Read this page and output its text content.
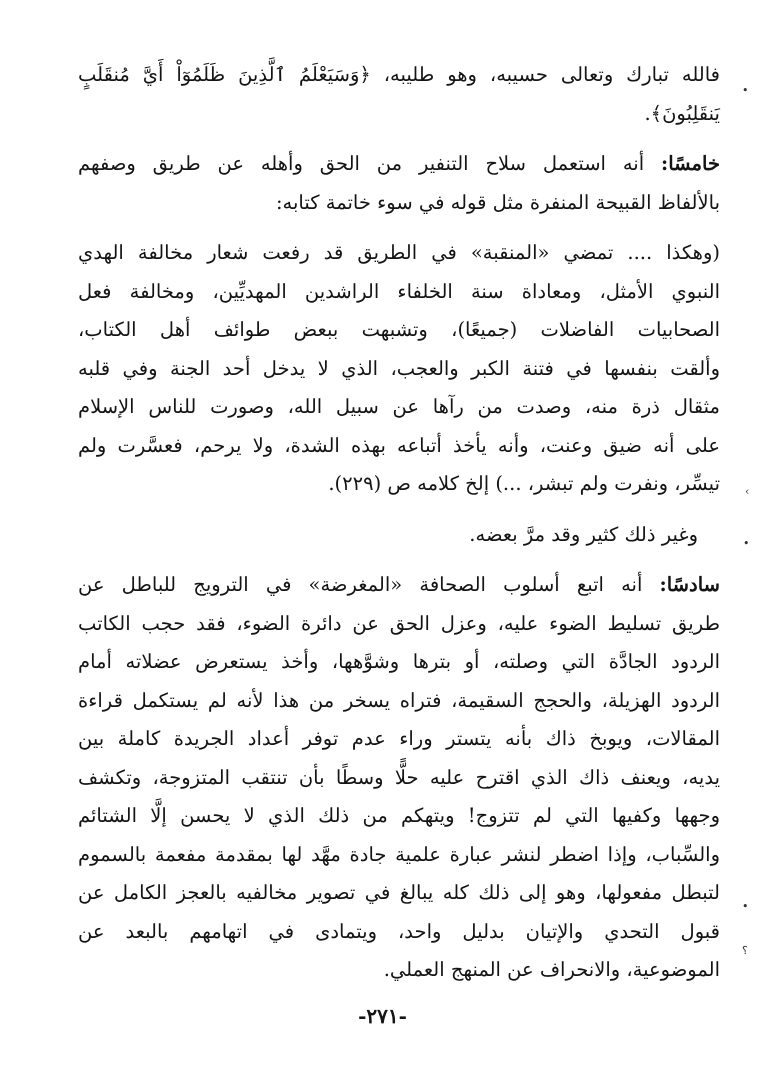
فالله تبارك وتعالى حسيبه، وهو طليبه، ﴿وَسَيَعْلَمُ ٱلَّذِينَ ظَلَمُوٓاْ أَيَّ مُنقَلَبٍ
يَنقَلِبُونَ﴾.
خامسًا: أنه استعمل سلاح التنفير من الحق وأهله عن طريق وصفهم
بالألفاظ القبيحة المنفرة مثل قوله في سوء خاتمة كتابه:
(وهكذا .... تمضي «المنقبة» في الطريق قد رفعت شعار مخالفة الهدي
النبوي الأمثل، ومعاداة سنة الخلفاء الراشدين المهديِّين، ومخالفة فعل
الصحابيات الفاضلات (جميعًا)، وتشبهت ببعض طوائف أهل الكتاب،
وألقت بنفسها في فتنة الكبر والعجب، الذي لا يدخل أحد الجنة وفي قلبه
مثقال ذرة منه، وصدت من رآها عن سبيل الله، وصورت للناس الإسلام
على أنه ضيق وعنت، وأنه يأخذ أتباعه بهذه الشدة، ولا يرحم، فعسَّرت ولم
تيسِّر، ونفرت ولم تبشر، ...) إلخ كلامه ص (٢٢٩).
وغير ذلك كثير وقد مرَّ بعضه.
سادسًا: أنه اتبع أسلوب الصحافة «المغرضة» في الترويج للباطل عن
طريق تسليط الضوء عليه، وعزل الحق عن دائرة الضوء، فقد حجب الكاتب
الردود الجادَّة التي وصلته، أو بترها وشوَّهها، وأخذ يستعرض عضلاته أمام
الردود الهزيلة، والحجج السقيمة، فتراه يسخر من هذا لأنه لم يستكمل قراءة
المقالات، ويوبخ ذاك بأنه يتستر وراء عدم توفر أعداد الجريدة كاملة بين
يديه، ويعنف ذاك الذي اقترح عليه حلًّا وسطًا بأن تنتقب المتزوجة، وتكشف
وجهها وكفيها التي لم تتزوج! ويتهكم من ذلك الذي لا يحسن إلَّا الشتائم
والسِّباب، وإذا اضطر لنشر عبارة علمية جادة مهَّد لها بمقدمة مفعمة بالسموم
لتبطل مفعولها، وهو إلى ذلك كله يبالغ في تصوير مخالفيه بالعجز الكامل عن
قبول التحدي والإتيان بدليل واحد، ويتمادى في اتهامهم بالبعد عن
الموضوعية، والانحراف عن المنهج العملي.
-٢٧١-
•
‹
•
•
؟
